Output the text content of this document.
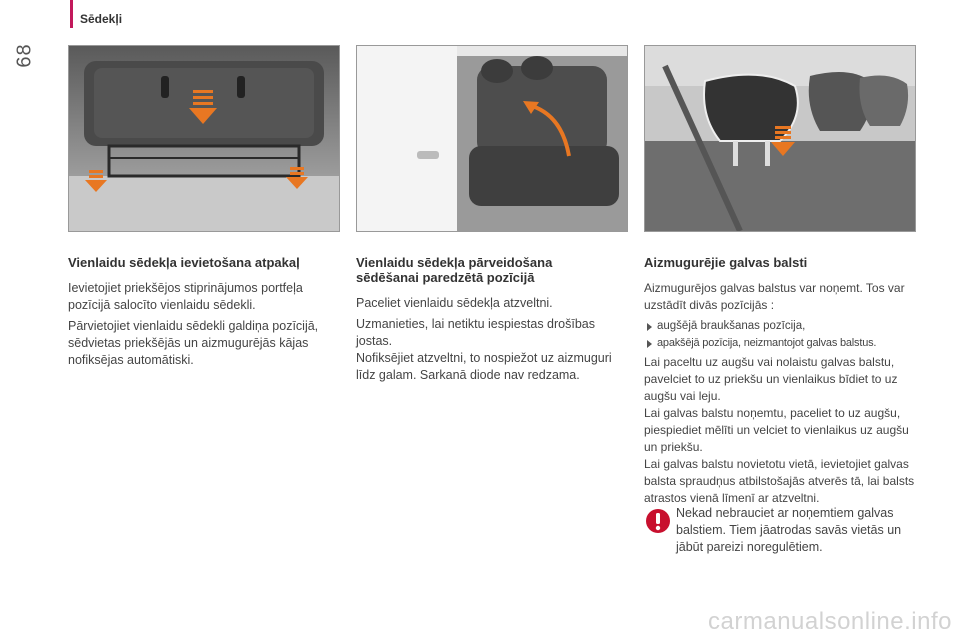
Sēdekļi
68
Vienlaidu sēdekļa ievietošana atpakaļ

Ievietojiet priekšējos stiprinājumos portfeļa pozīcijā salocīto vienlaidu sēdekli.

Pārvietojiet vienlaidu sēdekli galdiņa pozīcijā, sēdvietas priekšējās un aizmugurējās kājas nofiksējas automātiski.

Vienlaidu sēdekļa pārveidošana
sēdēšanai paredzētā pozīcijā

Paceliet vienlaidu sēdekļa atzveltni.

Uzmanieties, lai netiktu iespiestas drošības jostas.

Nofiksējiet atzveltni, to nospiežot uz aizmuguri līdz galam. Sarkanā diode nav redzama.

Aizmugurējie galvas balsti

Aizmugurējos galvas balstus var noņemt. Tos var uzstādīt divās pozīcijās :

augšējā braukšanas pozīcija,
apakšējā pozīcija, neizmantojot galvas balstus.

Lai paceltu uz augšu vai nolaistu galvas balstu, pavelciet to uz priekšu un vienlaikus bīdiet to uz augšu vai leju.

Lai galvas balstu noņemtu, paceliet to uz augšu, piespiediet mēlīti un velciet to vienlaikus uz augšu un priekšu.

Lai galvas balstu novietotu vietā, ievietojiet galvas balsta spraudņus atbilstošajās atverēs tā, lai balsts atrastos vienā līmenī ar atzveltni.

Nekad nebrauciet ar noņemtiem galvas balstiem. Tiem jāatrodas savās vietās un jābūt pareizi noregulētiem.
carmanualsonline.info
